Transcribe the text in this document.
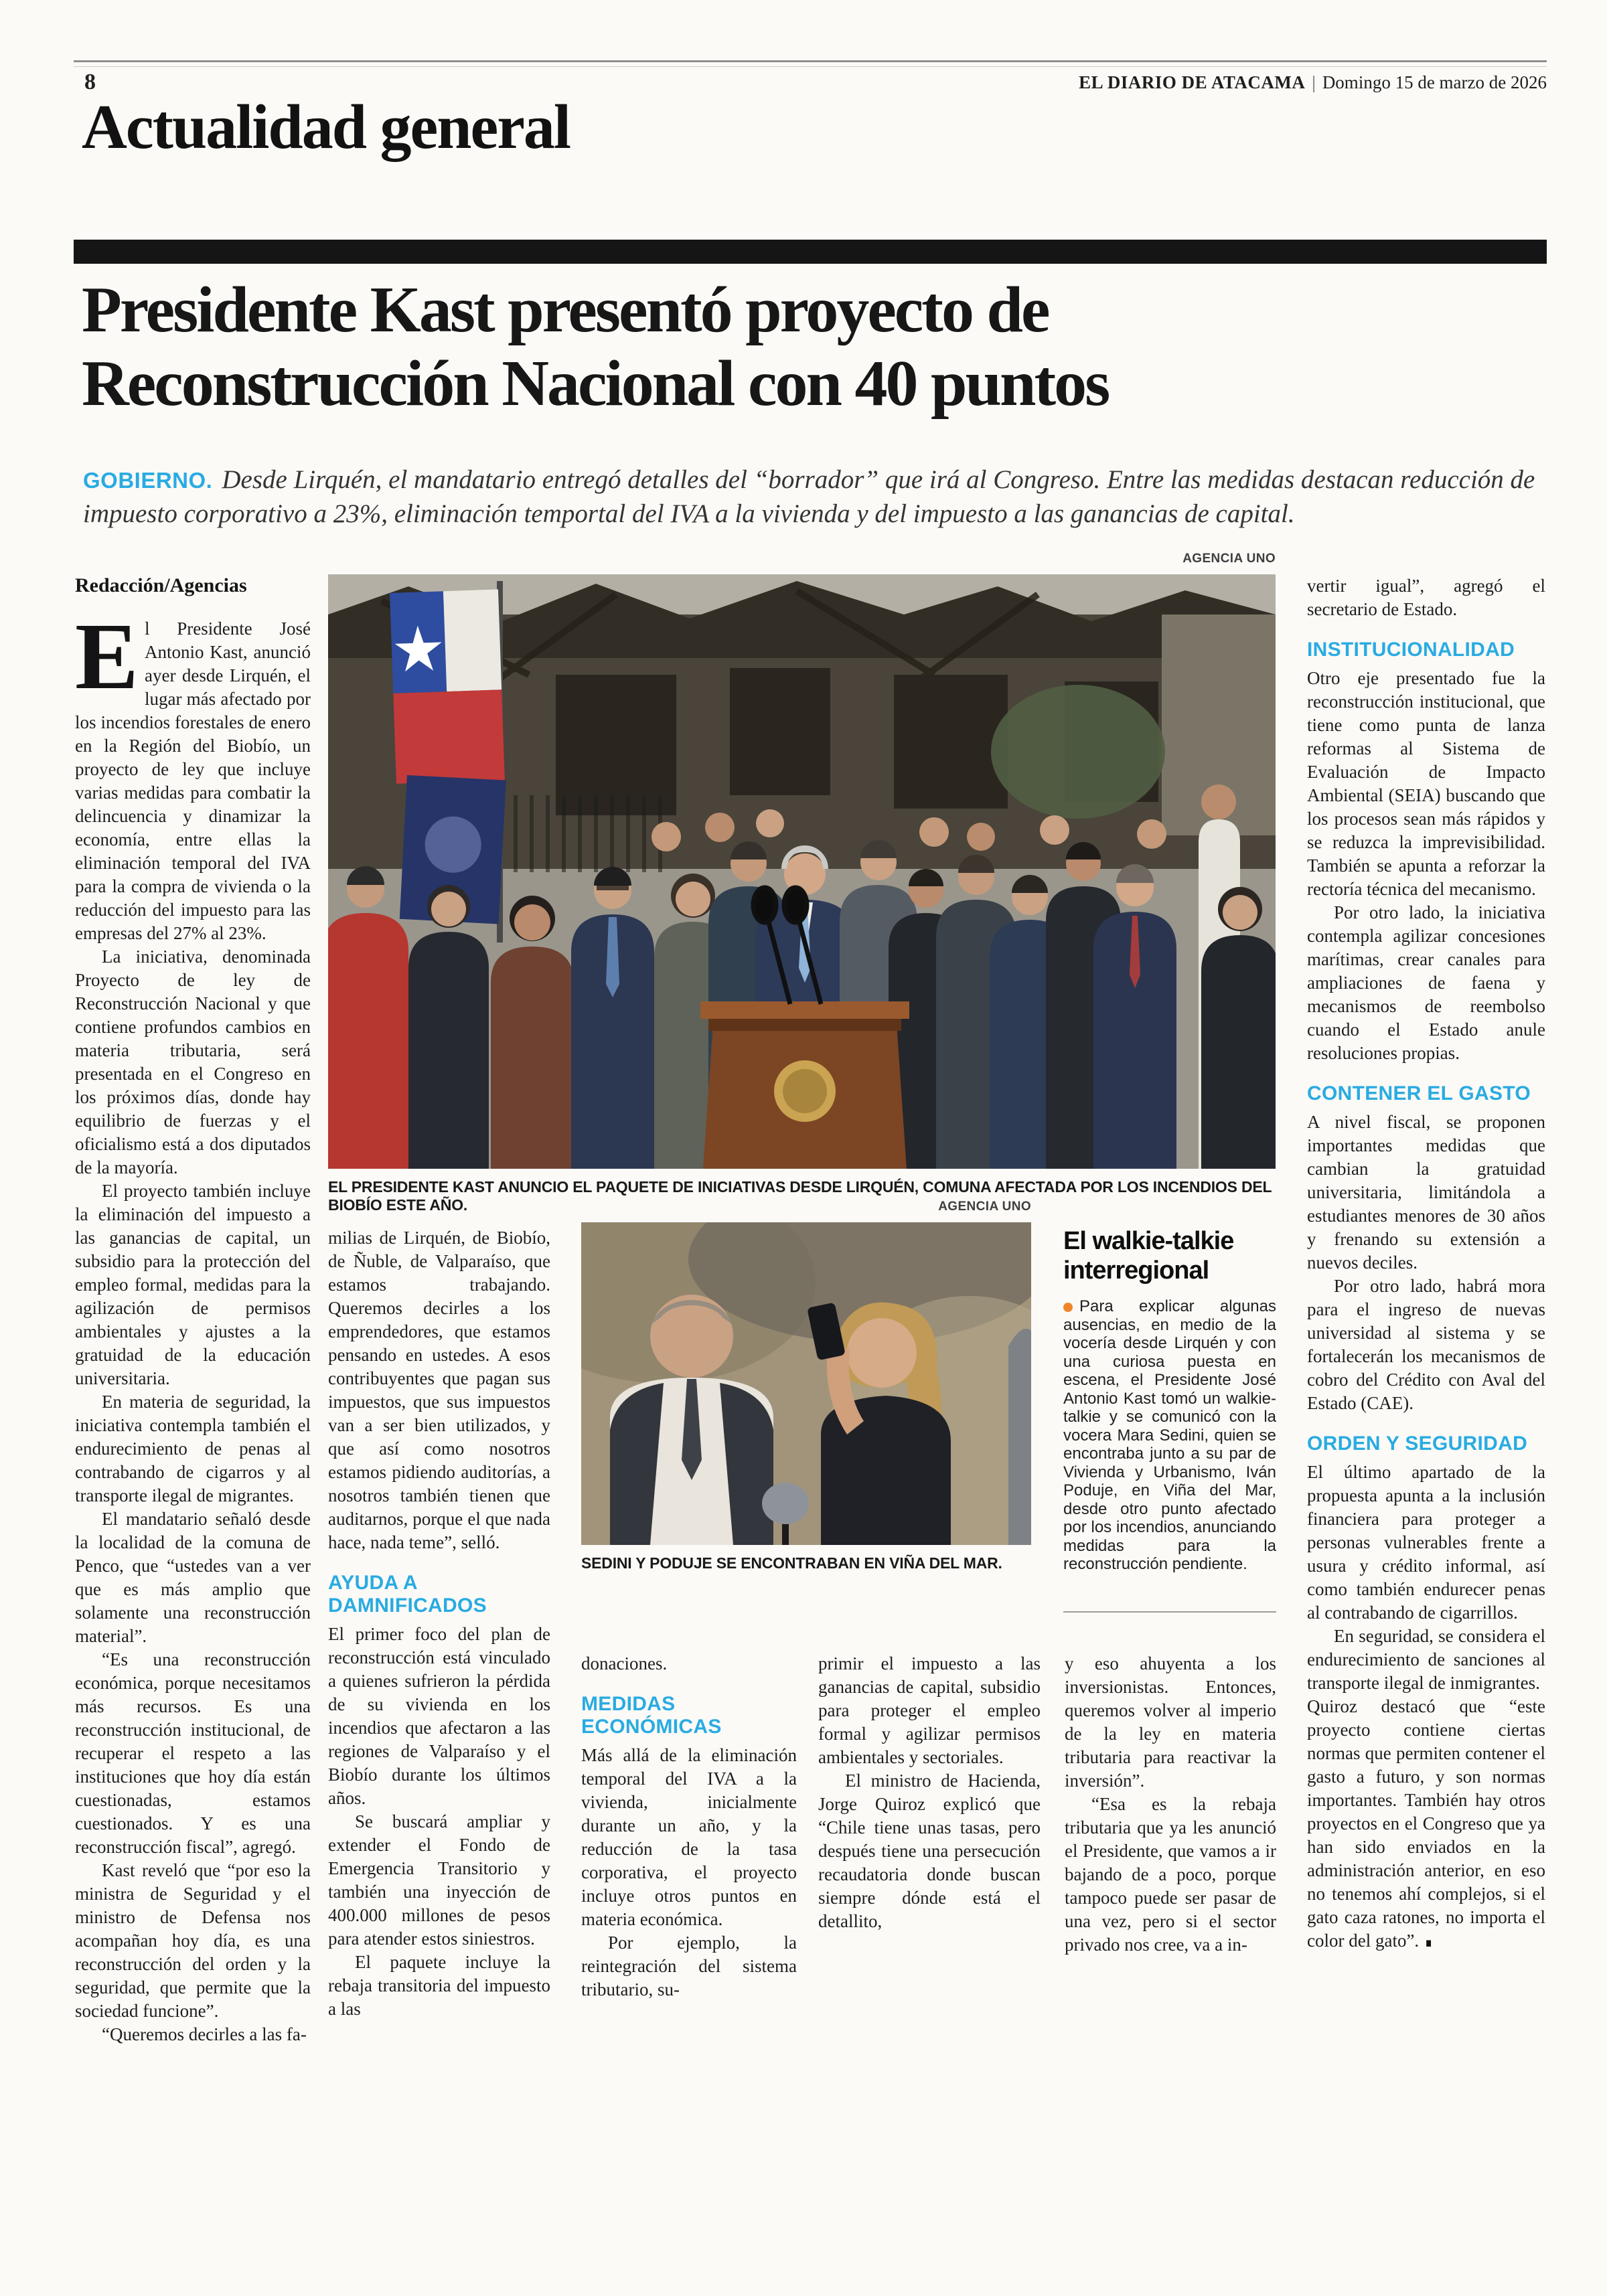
8	EL DIARIO DE ATACAMA | Domingo 15 de marzo de 2026
Actualidad general
Presidente Kast presentó proyecto de
Reconstrucción Nacional con 40 puntos
GOBIERNO. Desde Lirquén, el mandatario entregó detalles del “borrador” que irá al Congreso. Entre las medidas destacan reducción de impuesto corporativo a 23%, eliminación temportal del IVA a la vivienda y del impuesto a las ganancias de capital.
AGENCIA UNO
EL PRESIDENTE KAST ANUNCIO EL PAQUETE DE INICIATIVAS DESDE LIRQUÉN, COMUNA AFECTADA POR LOS INCENDIOS DEL BIOBÍO ESTE AÑO.	AGENCIA UNO
SEDINI Y PODUJE SE ENCONTRABAN EN VIÑA DEL MAR.
El walkie-talkie interregional

Para explicar algunas ausencias, en medio de la vocería desde Lirquén y con una curiosa puesta en escena, el Presidente José Antonio Kast tomó un walkie-talkie y se comunicó con la vocera Mara Sedini, quien se encontraba junto a su par de Vivienda y Urbanismo, Iván Poduje, en Viña del Mar, desde otro punto afectado por los incendios, anunciando medidas para la reconstrucción pendiente.

Redacción/Agencias

El Presidente José Antonio Kast, anunció ayer desde Lirquén, el lugar más afectado por los incendios forestales de enero en la Región del Biobío, un proyecto de ley que incluye varias medidas para combatir la delincuencia y dinamizar la economía, entre ellas la eliminación temporal del IVA para la compra de vivienda o la reducción del impuesto para las empresas del 27% al 23%.

La iniciativa, denominada Proyecto de ley de Reconstrucción Nacional y que contiene profundos cambios en materia tributaria, será presentada en el Congreso en los próximos días, donde hay equilibrio de fuerzas y el oficialismo está a dos diputados de la mayoría.

El proyecto también incluye la eliminación del impuesto a las ganancias de capital, un subsidio para la protección del empleo formal, medidas para la agilización de permisos ambientales y ajustes a la gratuidad de la educación universitaria.

En materia de seguridad, la iniciativa contempla también el endurecimiento de penas al contrabando de cigarros y al transporte ilegal de migrantes.

El mandatario señaló desde la localidad de la comuna de Penco, que “ustedes van a ver que es más amplio que solamente una reconstrucción material”.

“Es una reconstrucción económica, porque necesitamos más recursos. Es una reconstrucción institucional, de recuperar el respeto a las instituciones que hoy día están cuestionadas, estamos cuestionados. Y es una reconstrucción fiscal”, agregó.

Kast reveló que “por eso la ministra de Seguridad y el ministro de Defensa nos acompañan hoy día, es una reconstrucción del orden y la seguridad, que permite que la sociedad funcione”.

“Queremos decirles a las fa-

milias de Lirquén, de Biobío, de Ñuble, de Valparaíso, que estamos trabajando. Queremos decirles a los emprendedores, que estamos pensando en ustedes. A esos contribuyentes que pagan sus impuestos, que sus impuestos van a ser bien utilizados, y que así como nosotros estamos pidiendo auditorías, a nosotros también tienen que auditarnos, porque el que nada hace, nada teme”, selló.

AYUDA A DAMNIFICADOS

El primer foco del plan de reconstrucción está vinculado a quienes sufrieron la pérdida de su vivienda en los incendios que afectaron a las regiones de Valparaíso y el Biobío durante los últimos años.

Se buscará ampliar y extender el Fondo de Emergencia Transitorio y también una inyección de 400.000 millones de pesos para atender estos siniestros.

El paquete incluye la rebaja transitoria del impuesto a las

donaciones.

MEDIDAS ECONÓMICAS

Más allá de la eliminación temporal del IVA a la vivienda, inicialmente durante un año, y la reducción de la tasa corporativa, el proyecto incluye otros puntos en materia económica.

Por ejemplo, la reintegración del sistema tributario, su-

primir el impuesto a las ganancias de capital, subsidio para proteger el empleo formal y agilizar permisos ambientales y sectoriales.

El ministro de Hacienda, Jorge Quiroz explicó que “Chile tiene unas tasas, pero después tiene una persecución recaudatoria donde buscan siempre dónde está el detallito,

y eso ahuyenta a los inversionistas. Entonces, queremos volver al imperio de la ley en materia tributaria para reactivar la inversión”.

“Esa es la rebaja tributaria que ya les anunció el Presidente, que vamos a ir bajando de a poco, porque tampoco puede ser pasar de una vez, pero si el sector privado nos cree, va a in-

vertir igual”, agregó el secretario de Estado.

INSTITUCIONALIDAD

Otro eje presentado fue la reconstrucción institucional, que tiene como punta de lanza reformas al Sistema de Evaluación de Impacto Ambiental (SEIA) buscando que los procesos sean más rápidos y se reduzca la imprevisibilidad. También se apunta a reforzar la rectoría técnica del mecanismo.

Por otro lado, la iniciativa contempla agilizar concesiones marítimas, crear canales para ampliaciones de faena y mecanismos de reembolso cuando el Estado anule resoluciones propias.

CONTENER EL GASTO

A nivel fiscal, se proponen importantes medidas que cambian la gratuidad universitaria, limitándola a estudiantes menores de 30 años y frenando su extensión a nuevos deciles.

Por otro lado, habrá mora para el ingreso de nuevas universidad al sistema y se fortalecerán los mecanismos de cobro del Crédito con Aval del Estado (CAE).

ORDEN Y SEGURIDAD

El último apartado de la propuesta apunta a la inclusión financiera para proteger a personas vulnerables frente a usura y crédito informal, así como también endurecer penas al contrabando de cigarrillos.

En seguridad, se considera el endurecimiento de sanciones al transporte ilegal de inmigrantes.

Quiroz destacó que “este proyecto contiene ciertas normas que permiten contener el gasto a futuro, y son normas importantes. También hay otros proyectos en el Congreso que ya han sido enviados en la administración anterior, en eso no tenemos ahí complejos, si el gato caza ratones, no importa el color del gato”. ∎
